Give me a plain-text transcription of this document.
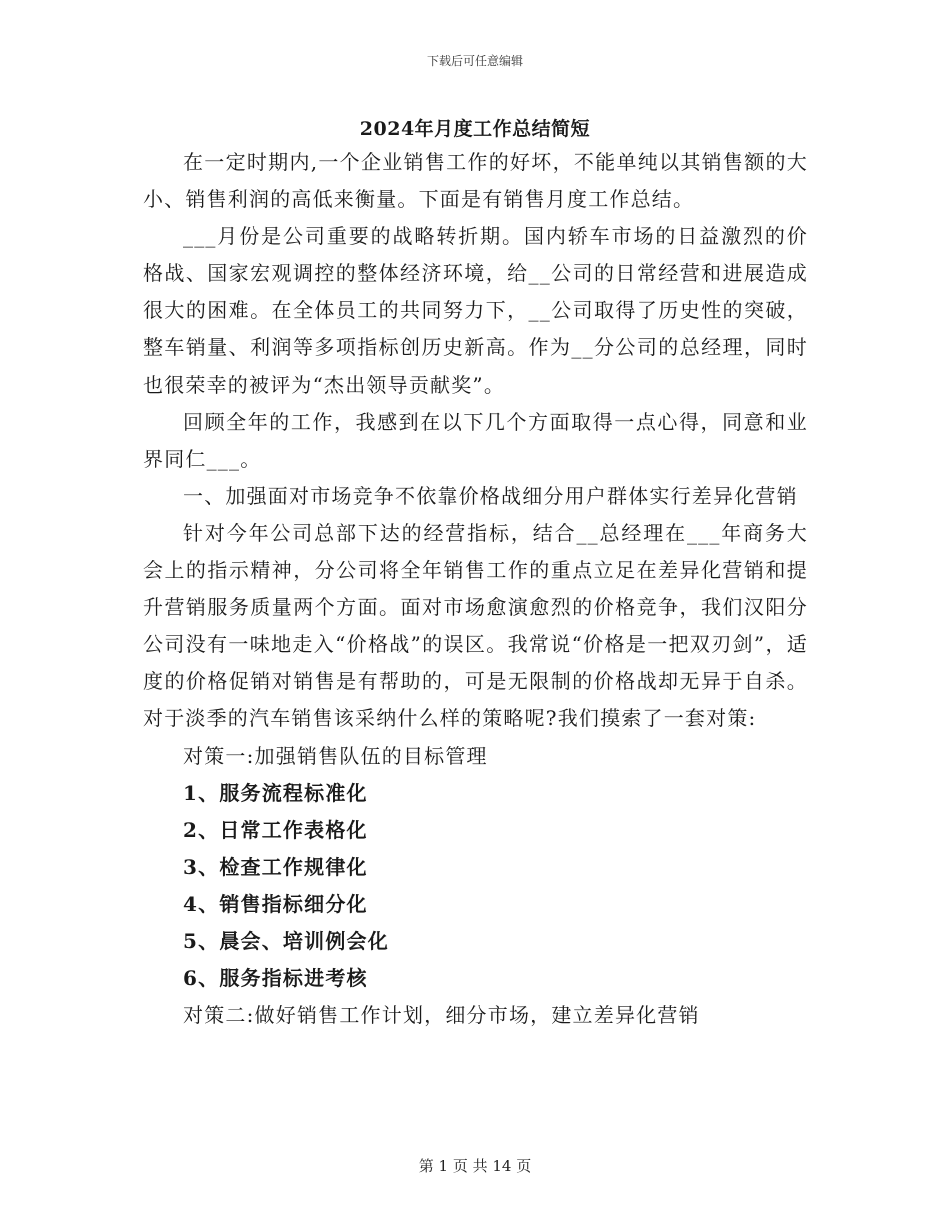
下载后可任意编辑
2024年月度工作总结简短

在一定时期内,一个企业销售工作的好坏，不能单纯以其销售额的大小、销售利润的高低来衡量。下面是有销售月度工作总结。

___月份是公司重要的战略转折期。国内轿车市场的日益激烈的价格战、国家宏观调控的整体经济环境，给__公司的日常经营和进展造成很大的困难。在全体员工的共同努力下，__公司取得了历史性的突破，整车销量、利润等多项指标创历史新高。作为__分公司的总经理，同时也很荣幸的被评为“杰出领导贡献奖”。

回顾全年的工作，我感到在以下几个方面取得一点心得，同意和业界同仁___。

一、加强面对市场竞争不依靠价格战细分用户群体实行差异化营销

针对今年公司总部下达的经营指标，结合__总经理在___年商务大会上的指示精神，分公司将全年销售工作的重点立足在差异化营销和提升营销服务质量两个方面。面对市场愈演愈烈的价格竞争，我们汉阳分公司没有一味地走入“价格战”的误区。我常说“价格是一把双刃剑”，适度的价格促销对销售是有帮助的，可是无限制的价格战却无异于自杀。对于淡季的汽车销售该采纳什么样的策略呢?我们摸索了一套对策:

对策一:加强销售队伍的目标管理

1、服务流程标准化

2、日常工作表格化

3、检查工作规律化

4、销售指标细分化

5、晨会、培训例会化

6、服务指标进考核

对策二:做好销售工作计划，细分市场，建立差异化营销

第 1 页 共 14 页
